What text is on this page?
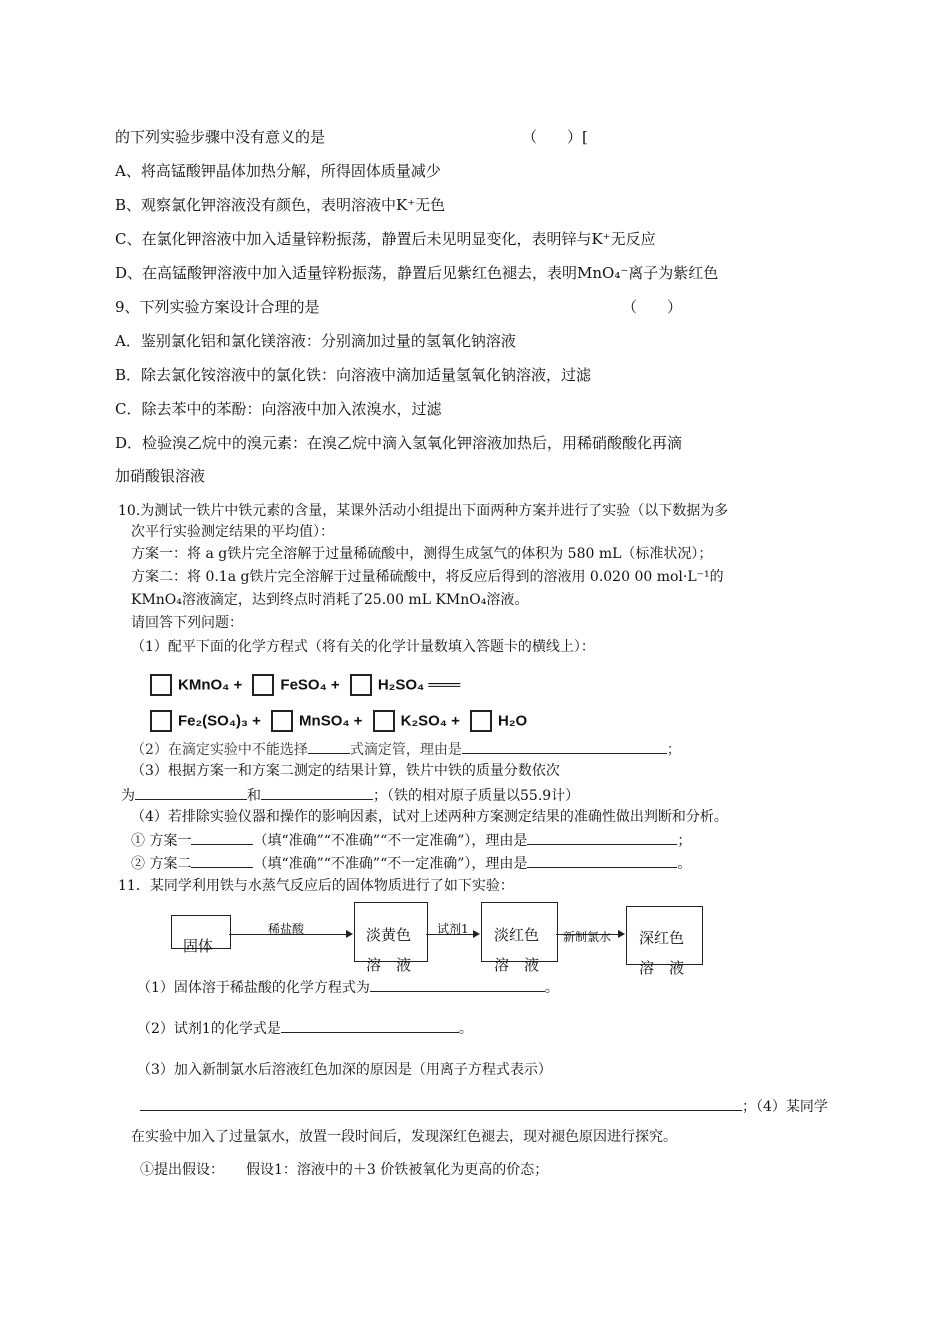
的下列实验步骤中没有意义的是	（　　）[
A、将高锰酸钾晶体加热分解，所得固体质量减少
B、观察氯化钾溶液没有颜色，表明溶液中K⁺无色
C、在氯化钾溶液中加入适量锌粉振荡，静置后未见明显变化，表明锌与K⁺无反应
D、在高锰酸钾溶液中加入适量锌粉振荡，静置后见紫红色褪去，表明MnO₄⁻离子为紫红色
9、下列实验方案设计合理的是	（　　）
A．鉴别氯化铝和氯化镁溶液：分别滴加过量的氢氧化钠溶液
B．除去氯化铵溶液中的氯化铁：向溶液中滴加适量氢氧化钠溶液，过滤
C．除去苯中的苯酚：向溶液中加入浓溴水，过滤
D．检验溴乙烷中的溴元素：在溴乙烷中滴入氢氧化钾溶液加热后，用稀硝酸酸化再滴
加硝酸银溶液
10.为测试一铁片中铁元素的含量，某课外活动小组提出下面两种方案并进行了实验（以下数据为多
次平行实验测定结果的平均值）：
方案一：将 a g铁片完全溶解于过量稀硫酸中，测得生成氢气的体积为 580 mL（标准状况）；
方案二：将 0.1a g铁片完全溶解于过量稀硫酸中，将反应后得到的溶液用 0.020 00 mol·L⁻¹的
KMnO₄溶液滴定，达到终点时消耗了25.00 mL KMnO₄溶液。
请回答下列问题：
（1）配平下面的化学方程式（将有关的化学计量数填入答题卡的横线上）：
KMnO₄ +	FeSO₄ +	H₂SO₄ ═══
Fe₂(SO₄)₃ +	MnSO₄ +	K₂SO₄ +	H₂O
（2）在滴定实验中不能选择	式滴定管，理由是	；
（3）根据方案一和方案二测定的结果计算，铁片中铁的质量分数依次
为	和	；（铁的相对原子质量以55.9计）
（4）若排除实验仪器和操作的影响因素，试对上述两种方案测定结果的准确性做出判断和分析。
① 方案一	（填“准确”“不准确”“不一定准确”），理由是	；
② 方案二	（填“准确”“不准确”“不一定准确”），理由是	。
11．某同学利用铁与水蒸气反应后的固体物质进行了如下实验：
固体
稀盐酸	淡黄色
溶　液
试剂1 淡红色
溶　液
新制氯水 深红色
溶　液
（1）固体溶于稀盐酸的化学方程式为	。
（2）试剂1的化学式是	。
（3）加入新制氯水后溶液红色加深的原因是（用离子方程式表示）
；（4）某同学
在实验中加入了过量氯水，放置一段时间后，发现深红色褪去，现对褪色原因进行探究。
①提出假设： 假设1：溶液中的＋3 价铁被氧化为更高的价态；
